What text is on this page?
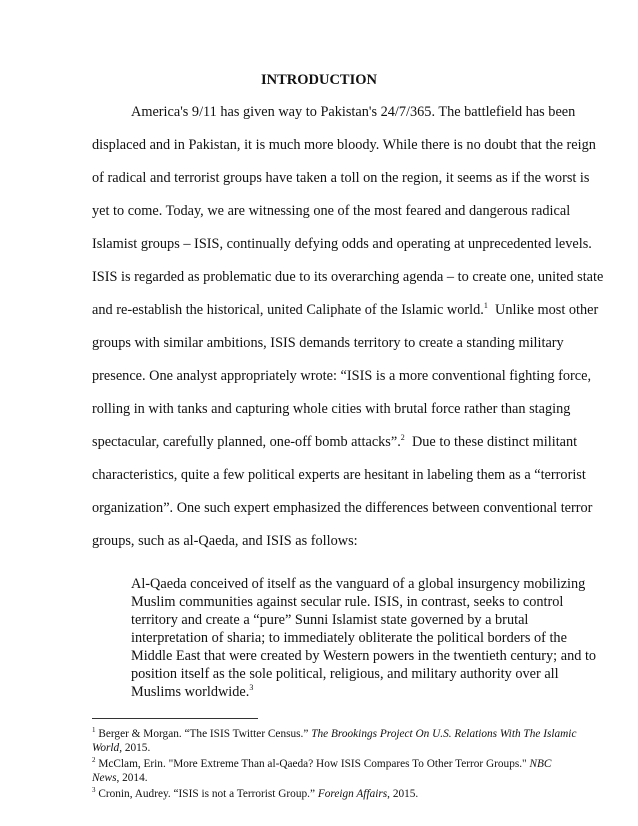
INTRODUCTION

America's 9/11 has given way to Pakistan's 24/7/365. The battlefield has been

displaced and in Pakistan, it is much more bloody. While there is no doubt that the reign

of radical and terrorist groups have taken a toll on the region, it seems as if the worst is

yet to come. Today, we are witnessing one of the most feared and dangerous radical

Islamist groups – ISIS, continually defying odds and operating at unprecedented levels.

ISIS is regarded as problematic due to its overarching agenda – to create one, united state

and re-establish the historical, united Caliphate of the Islamic world.$^1$ Unlike most other

groups with similar ambitions, ISIS demands territory to create a standing military

presence. One analyst appropriately wrote: “ISIS is a more conventional fighting force,

rolling in with tanks and capturing whole cities with brutal force rather than staging

spectacular, carefully planned, one-off bomb attacks”.$^2$ Due to these distinct militant

characteristics, quite a few political experts are hesitant in labeling them as a “terrorist

organization”. One such expert emphasized the differences between conventional terror

groups, such as al-Qaeda, and ISIS as follows:

Al-Qaeda conceived of itself as the vanguard of a global insurgency mobilizing

Muslim communities against secular rule. ISIS, in contrast, seeks to control

territory and create a “pure” Sunni Islamist state governed by a brutal

interpretation of sharia; to immediately obliterate the political borders of the

Middle East that were created by Western powers in the twentieth century; and to

position itself as the sole political, religious, and military authority over all

Muslims worldwide.$^3$

$^1$ Berger & Morgan. “The ISIS Twitter Census.” The Brookings Project On U.S. Relations With The Islamic

World, 2015.

$^2$ McClam, Erin. "More Extreme Than al-Qaeda? How ISIS Compares To Other Terror Groups." NBC

News, 2014.

$^3$ Cronin, Audrey. “ISIS is not a Terrorist Group.” Foreign Affairs, 2015.
